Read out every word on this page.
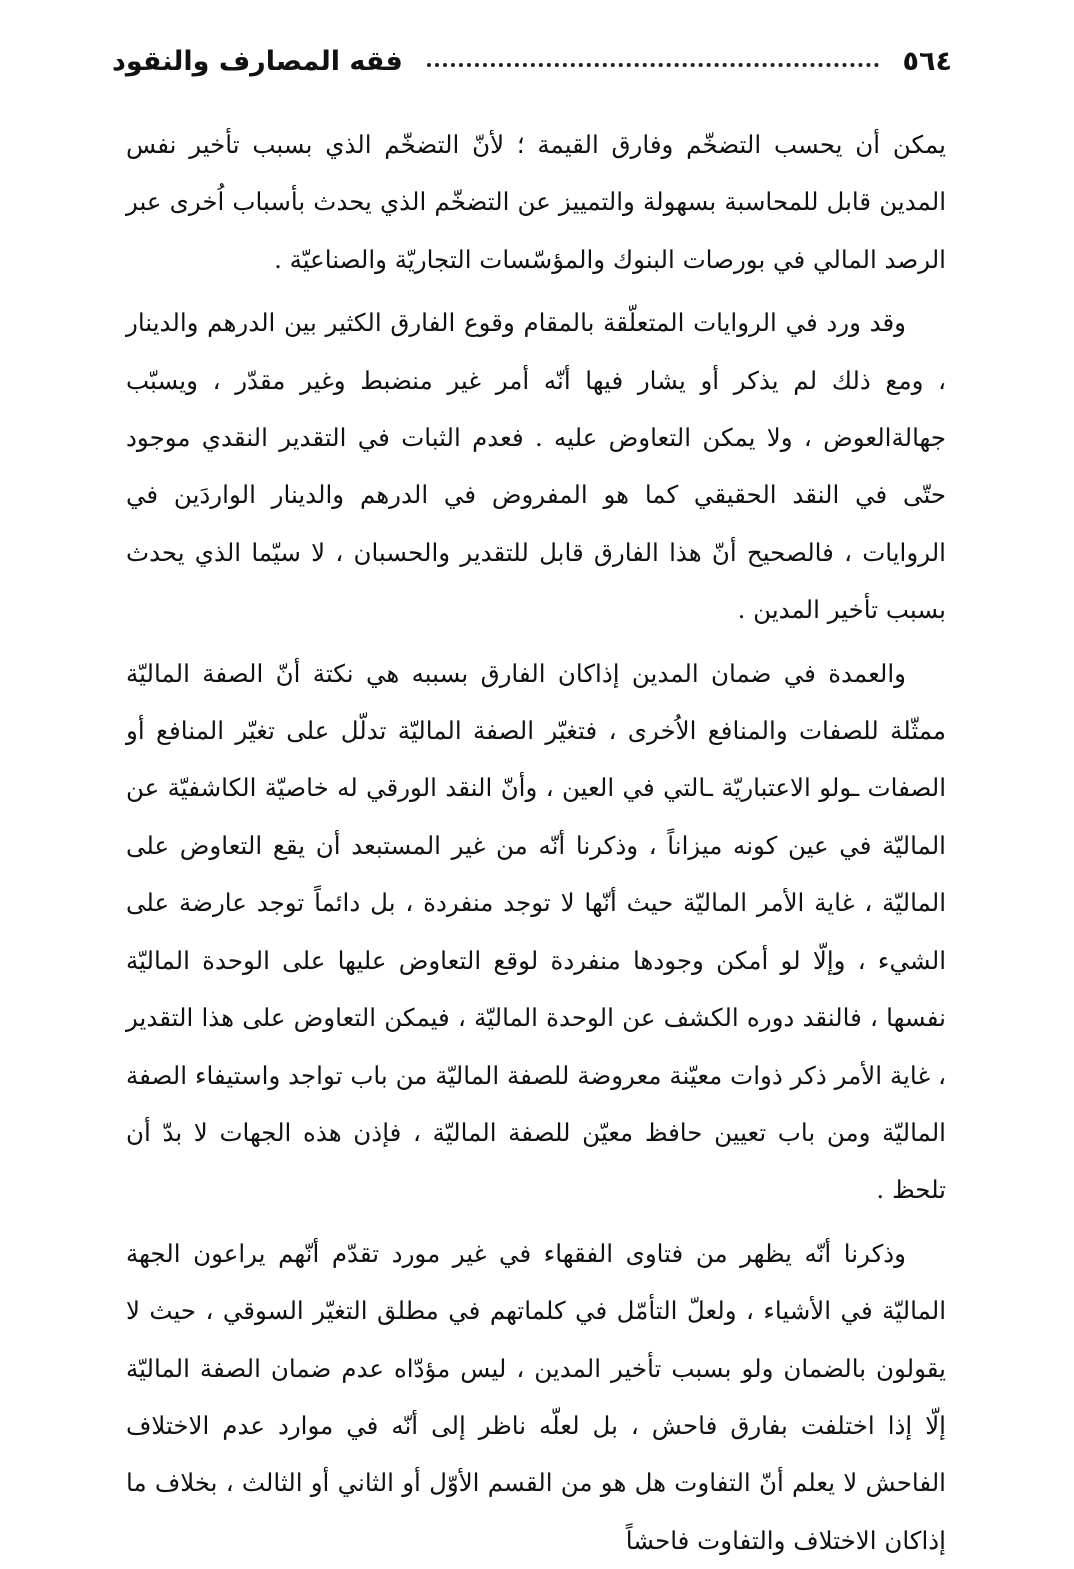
٥٦٤
فقه المصارف والنقود

يمكن أن يحسب التضخّم وفارق القيمة ؛ لأنّ التضخّم الذي بسبب تأخير نفس المدين قابل للمحاسبة بسهولة والتمييز عن التضخّم الذي يحدث بأسباب اُخرى عبر الرصد المالي في بورصات البنوك والمؤسّسات التجاريّة والصناعيّة .

وقد ورد في الروايات المتعلّقة بالمقام وقوع الفارق الكثير بين الدرهم والدينار ، ومع ذلك لم يذكر أو يشار فيها أنّه أمر غير منضبط وغير مقدّر ، ويسبّب جهالةالعوض ، ولا يمكن التعاوض عليه . فعدم الثبات في التقدير النقدي موجود حتّى في النقد الحقيقي كما هو المفروض في الدرهم والدينار الواردَين في الروايات ، فالصحيح أنّ هذا الفارق قابل للتقدير والحسبان ، لا سيّما الذي يحدث بسبب تأخير المدين .

والعمدة في ضمان المدين إذاكان الفارق بسببه هي نكتة أنّ الصفة الماليّة ممثّلة للصفات والمنافع الاُخرى ، فتغيّر الصفة الماليّة تدلّل على تغيّر المنافع أو الصفات ـولو الاعتباريّة ـالتي في العين ، وأنّ النقد الورقي له خاصيّة الكاشفيّة عن الماليّة في عين كونه ميزاناً ، وذكرنا أنّه من غير المستبعد أن يقع التعاوض على الماليّة ، غاية الأمر الماليّة حيث أنّها لا توجد منفردة ، بل دائماً توجد عارضة على الشيء ، وإلّا لو أمكن وجودها منفردة لوقع التعاوض عليها على الوحدة الماليّة نفسها ، فالنقد دوره الكشف عن الوحدة الماليّة ، فيمكن التعاوض على هذا التقدير ، غاية الأمر ذكر ذوات معيّنة معروضة للصفة الماليّة من باب تواجد واستيفاء الصفة الماليّة ومن باب تعيين حافظ معيّن للصفة الماليّة ، فإذن هذه الجهات لا بدّ أن تلحظ .

وذكرنا أنّه يظهر من فتاوى الفقهاء في غير مورد تقدّم أنّهم يراعون الجهة الماليّة في الأشياء ، ولعلّ التأمّل في كلماتهم في مطلق التغيّر السوقي ، حيث لا يقولون بالضمان ولو بسبب تأخير المدين ، ليس مؤدّاه عدم ضمان الصفة الماليّة إلّا إذا اختلفت بفارق فاحش ، بل لعلّه ناظر إلى أنّه في موارد عدم الاختلاف الفاحش لا يعلم أنّ التفاوت هل هو من القسم الأوّل أو الثاني أو الثالث ، بخلاف ما إذاكان الاختلاف والتفاوت فاحشاً
